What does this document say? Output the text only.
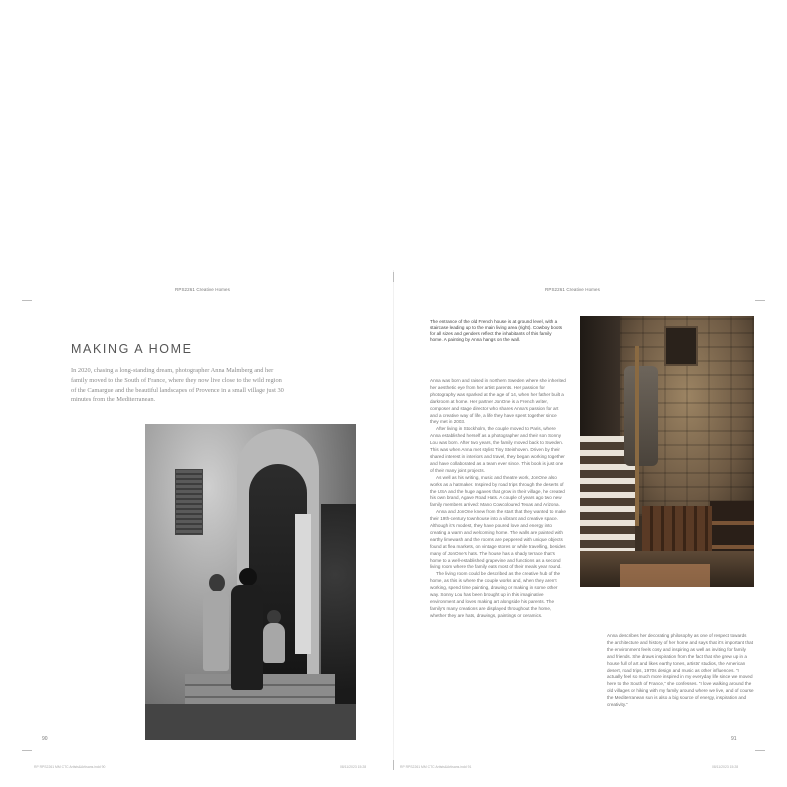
RPS2261 Creative Homes	RPS2261 Creative Homes
MAKING A HOME

In 2020, chasing a long-standing dream, photographer Anna Malmberg and her family moved to the South of France, where they now live close to the wild region of the Camargue and the beautiful landscapes of Provence in a small village just 30 minutes from the Mediterranean.

90

The entrance of the old French house is at ground level, with a staircase leading up to the main living area (right). Cowboy boots for all sizes and genders reflect the inhabitants of this family home. A painting by Anna hangs on the wall.

Anna was born and raised in northern Sweden where she inherited her aesthetic eye from her artist parents. Her passion for photography was sparked at the age of 14, when her father built a darkroom at home. Her partner JonOne is a French writer, composer and stage director who shares Anna’s passion for art and a creative way of life, a life they have spent together since they met in 2003.

After living in Stockholm, the couple moved to Paris, where Anna established herself as a photographer and their son Sonny Lou was born. After two years, the family moved back to Sweden. This was when Anna met stylist Tiny Steinhoven. Driven by their shared interest in interiors and travel, they began working together and have collaborated as a team ever since. This book is just one of their many joint projects.

As well as his writing, music and theatre work, JonOne also works as a hatmaker. Inspired by road trips through the deserts of the USA and the huge agaves that grow in their village, he created his own brand, Agave Road Hats. A couple of years ago two new family members arrived: Mano Cowcoloured Texas and Arizona.

Anna and JonOne knew from the start that they wanted to make their 19th-century townhouse into a vibrant and creative space. Although it’s modest, they have poured love and energy into creating a warm and welcoming home. The walls are painted with earthy limewash and the rooms are peppered with unique objects found at flea markets, on vintage stores or while travelling, besides many of JonOne’s hats. The house has a shady terrace that’s home to a well-established grapevine and functions as a second living room where the family eats most of their meals year round.

The living room could be described as the creative hub of the home, as this is where the couple works and, when they aren’t working, spend time painting, drawing or making in some other way. Sonny Lou has been brought up in this imaginative environment and loves making art alongside his parents. The family’s many creations are displayed throughout the home, whether they are hats, drawings, paintings or ceramics.

Anna describes her decorating philosophy as one of respect towards the architecture and history of her home and says that it’s important that the environment feels cosy and inspiring as well as inviting for family and friends. She draws inspiration from the fact that she grew up in a house full of art and likes earthy tones, artists’ studios, the American desert, road trips, 1970s design and music as other influences. “I actually feel so much more inspired in my everyday life since we moved here to the South of France,” she confesses. “I love walking around the old villages or hiking with my family around where we live, and of course the Mediterranean sun is also a big source of energy, inspiration and creativity.”

91
RP RPS2261 MM CTC Artists&Artisans.indd 90	08/11/2023 15:28	RP RPS2261 MM CTC Artists&Artisans.indd 91	08/11/2023 15:28
